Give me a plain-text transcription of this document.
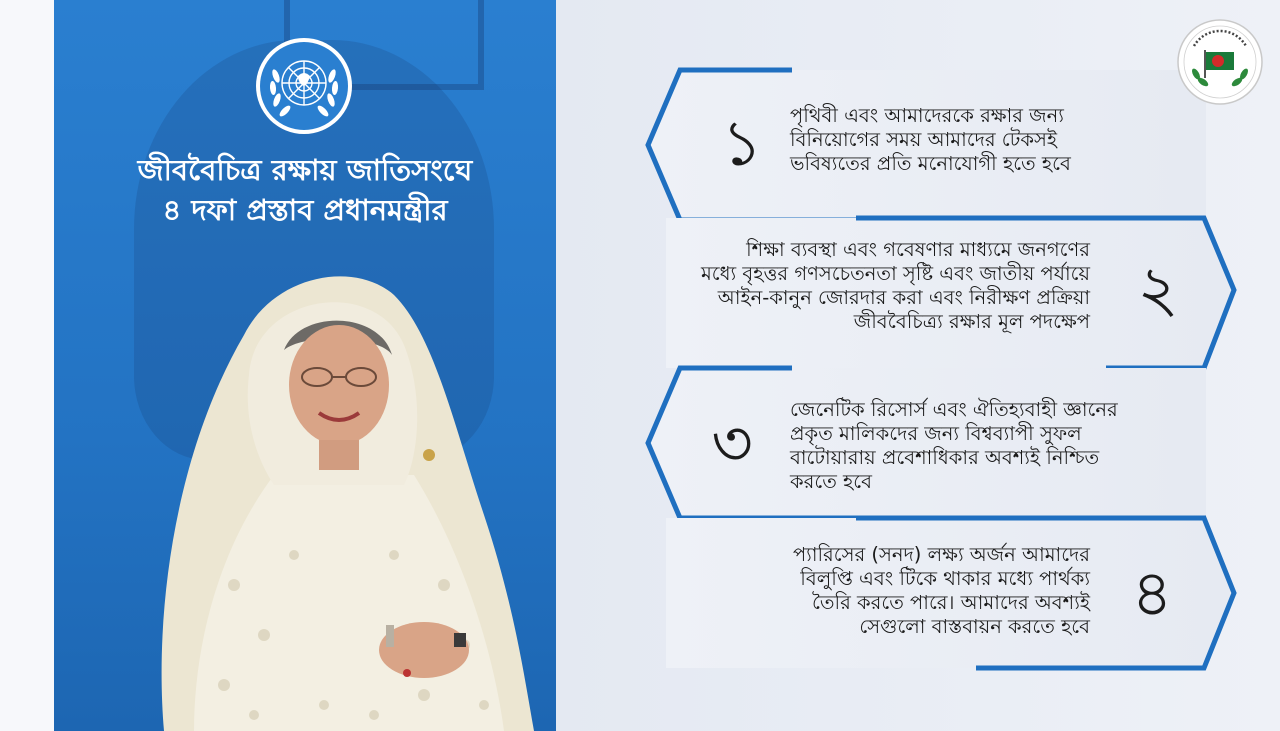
জীববৈচিত্র রক্ষায় জাতিসংঘে
৪ দফা প্রস্তাব প্রধানমন্ত্রীর
১	পৃথিবী এবং আমাদেরকে রক্ষার জন্য
বিনিয়োগের সময় আমাদের টেকসই
ভবিষ্যতের প্রতি মনোযোগী হতে হবে
শিক্ষা ব্যবস্থা এবং গবেষণার মাধ্যমে জনগণের
মধ্যে বৃহত্তর গণসচেতনতা সৃষ্টি এবং জাতীয় পর্যায়ে
আইন-কানুন জোরদার করা এবং নিরীক্ষণ প্রক্রিয়া
জীববৈচিত্র্য রক্ষার মূল পদক্ষেপ ২
৩	জেনেটিক রিসোর্স এবং ঐতিহ্যবাহী জ্ঞানের
প্রকৃত মালিকদের জন্য বিশ্বব্যাপী সুফল
বাটোয়ারায় প্রবেশাধিকার অবশ্যই নিশ্চিত
করতে হবে
প্যারিসের (সনদ) লক্ষ্য অর্জন আমাদের
বিলুপ্তি এবং টিকে থাকার মধ্যে পার্থক্য
তৈরি করতে পারে। আমাদের অবশ্যই
সেগুলো বাস্তবায়ন করতে হবে ৪
